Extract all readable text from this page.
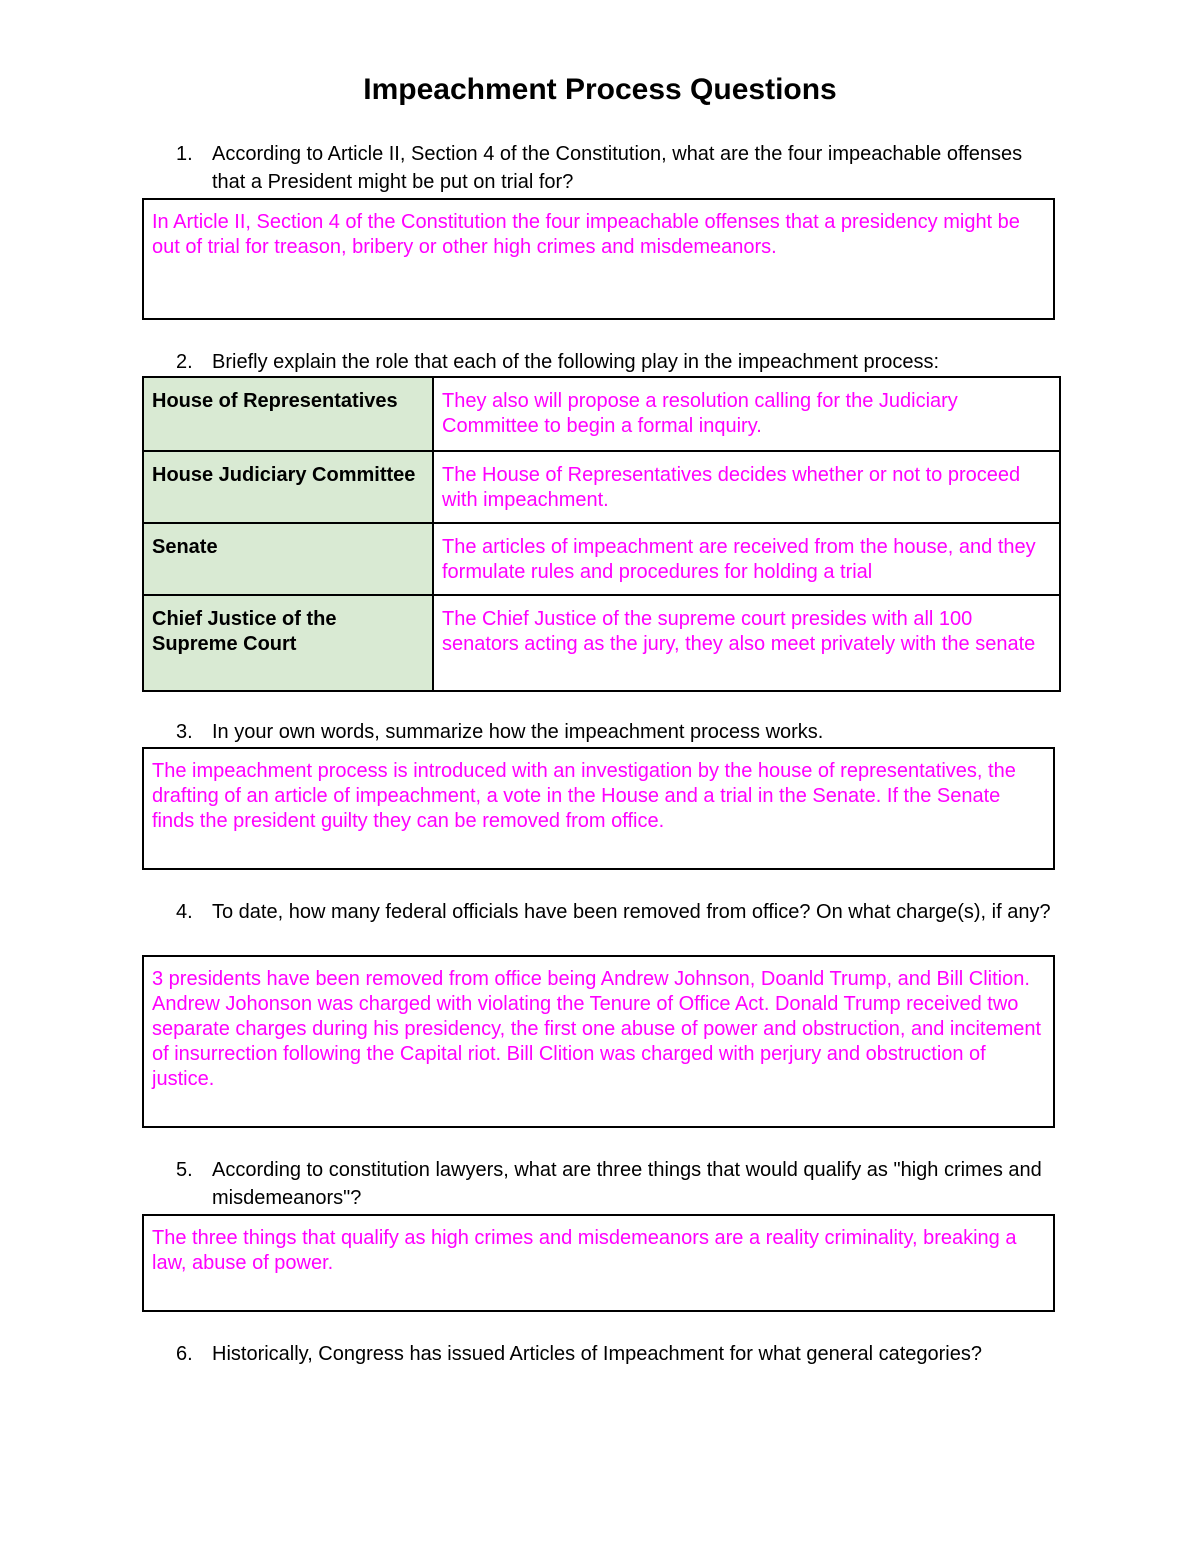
Impeachment Process Questions
1. According to Article II, Section 4 of the Constitution, what are the four impeachable offenses that a President might be put on trial for?
In Article II, Section 4 of the Constitution the four impeachable offenses that a presidency might be out of trial for treason, bribery or other high crimes and misdemeanors.
2. Briefly explain the role that each of the following play in the impeachment process:
House of Representatives	They also will propose a resolution calling for the Judiciary Committee to begin a formal inquiry.
House Judiciary Committee	The House of Representatives decides whether or not to proceed with impeachment.
Senate	The articles of impeachment are received from the house, and they formulate rules and procedures for holding a trial
Chief Justice of the Supreme Court	The Chief Justice of the supreme court presides with all 100 senators acting as the jury, they also meet privately with the senate
3. In your own words, summarize how the impeachment process works.
The impeachment process is introduced with an investigation by the house of representatives, the drafting of an article of impeachment, a vote in the House and a trial in the Senate. If the Senate finds the president guilty they can be removed from office.
4. To date, how many federal officials have been removed from office? On what charge(s), if any?
3 presidents have been removed from office being Andrew Johnson, Doanld Trump, and Bill Clition. Andrew Johonson was charged with violating the Tenure of Office Act. Donald Trump received two separate charges during his presidency, the first one abuse of power and obstruction, and incitement of insurrection following the Capital riot. Bill Clition was charged with perjury and obstruction of justice.
5. According to constitution lawyers, what are three things that would qualify as "high crimes and misdemeanors"?
The three things that qualify as high crimes and misdemeanors are a reality criminality, breaking a law, abuse of power.
6. Historically, Congress has issued Articles of Impeachment for what general categories?
